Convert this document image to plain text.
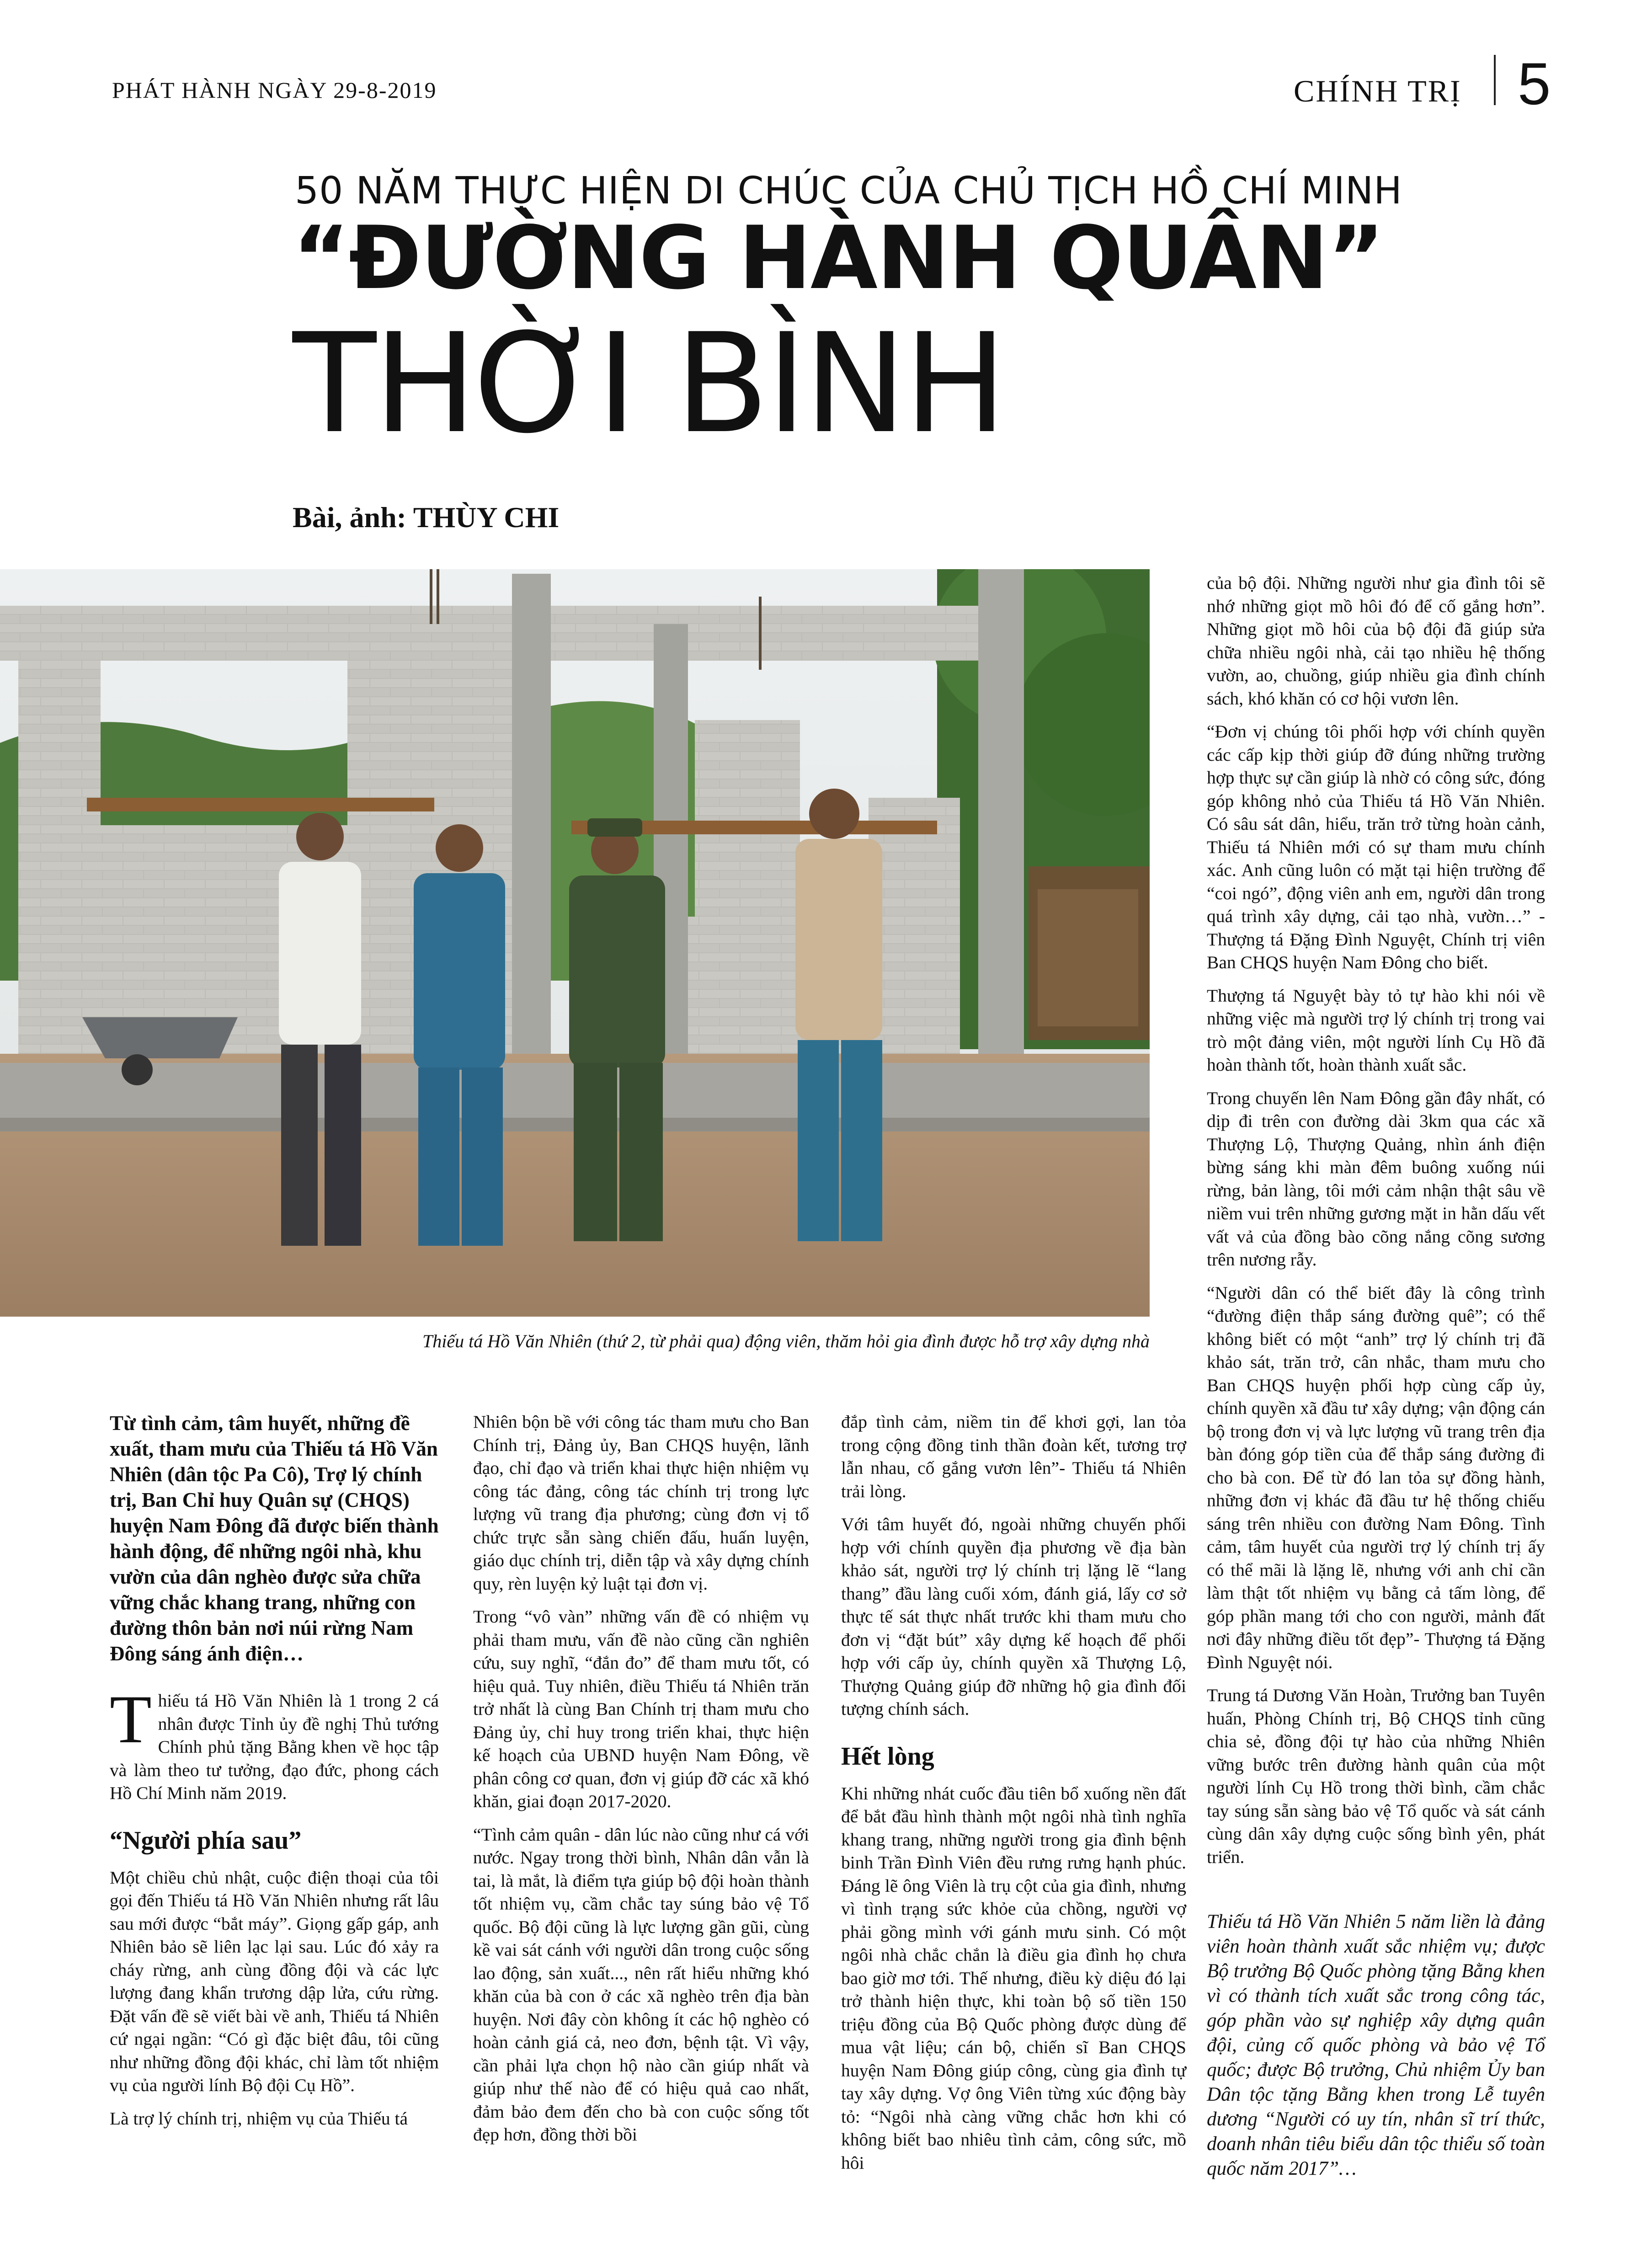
PHÁT HÀNH NGÀY 29-8-2019	CHÍNH TRỊ 5
50 NĂM THỰC HIỆN DI CHÚC CỦA CHỦ TỊCH HỒ CHÍ MINH
“ĐƯỜNG HÀNH QUÂN”
THỜI BÌNH
Bài, ảnh: THÙY CHI
Thiếu tá Hồ Văn Nhiên (thứ 2, từ phải qua) động viên, thăm hỏi gia đình được hỗ trợ xây dựng nhà

Từ tình cảm, tâm huyết, những đề xuất, tham mưu của Thiếu tá Hồ Văn Nhiên (dân tộc Pa Cô), Trợ lý chính trị, Ban Chỉ huy Quân sự (CHQS) huyện Nam Đông đã được biến thành hành động, để những ngôi nhà, khu vườn của dân nghèo được sửa chữa vững chắc khang trang, những con đường thôn bản nơi núi rừng Nam Đông sáng ánh điện…

Thiếu tá Hồ Văn Nhiên là 1 trong 2 cá nhân được Tỉnh ủy đề nghị Thủ tướng Chính phủ tặng Bằng khen về học tập và làm theo tư tưởng, đạo đức, phong cách Hồ Chí Minh năm 2019.

“Người phía sau”

Một chiều chủ nhật, cuộc điện thoại của tôi gọi đến Thiếu tá Hồ Văn Nhiên nhưng rất lâu sau mới được “bắt máy”. Giọng gấp gáp, anh Nhiên bảo sẽ liên lạc lại sau. Lúc đó xảy ra cháy rừng, anh cùng đồng đội và các lực lượng đang khẩn trương dập lửa, cứu rừng. Đặt vấn đề sẽ viết bài về anh, Thiếu tá Nhiên cứ ngại ngần: “Có gì đặc biệt đâu, tôi cũng như những đồng đội khác, chỉ làm tốt nhiệm vụ của người lính Bộ đội Cụ Hồ”.

Là trợ lý chính trị, nhiệm vụ của Thiếu tá

Nhiên bộn bề với công tác tham mưu cho Ban Chính trị, Đảng ủy, Ban CHQS huyện, lãnh đạo, chỉ đạo và triển khai thực hiện nhiệm vụ công tác đảng, công tác chính trị trong lực lượng vũ trang địa phương; cùng đơn vị tổ chức trực sẵn sàng chiến đấu, huấn luyện, giáo dục chính trị, diễn tập và xây dựng chính quy, rèn luyện kỷ luật tại đơn vị.

Trong “vô vàn” những vấn đề có nhiệm vụ phải tham mưu, vấn đề nào cũng cần nghiên cứu, suy nghĩ, “đắn đo” để tham mưu tốt, có hiệu quả. Tuy nhiên, điều Thiếu tá Nhiên trăn trở nhất là cùng Ban Chính trị tham mưu cho Đảng ủy, chỉ huy trong triển khai, thực hiện kế hoạch của UBND huyện Nam Đông, về phân công cơ quan, đơn vị giúp đỡ các xã khó khăn, giai đoạn 2017-2020.

“Tình cảm quân - dân lúc nào cũng như cá với nước. Ngay trong thời bình, Nhân dân vẫn là tai, là mắt, là điểm tựa giúp bộ đội hoàn thành tốt nhiệm vụ, cầm chắc tay súng bảo vệ Tổ quốc. Bộ đội cũng là lực lượng gần gũi, cùng kề vai sát cánh với người dân trong cuộc sống lao động, sản xuất..., nên rất hiểu những khó khăn của bà con ở các xã nghèo trên địa bàn huyện. Nơi đây còn không ít các hộ nghèo có hoàn cảnh giá cả, neo đơn, bệnh tật. Vì vậy, cần phải lựa chọn hộ nào cần giúp nhất và giúp như thế nào để có hiệu quả cao nhất, đảm bảo đem đến cho bà con cuộc sống tốt đẹp hơn, đồng thời bồi

đắp tình cảm, niềm tin để khơi gợi, lan tỏa trong cộng đồng tinh thần đoàn kết, tương trợ lẫn nhau, cố gắng vươn lên”- Thiếu tá Nhiên trải lòng.

Với tâm huyết đó, ngoài những chuyến phối hợp với chính quyền địa phương về địa bàn khảo sát, người trợ lý chính trị lặng lẽ “lang thang” đầu làng cuối xóm, đánh giá, lấy cơ sở thực tế sát thực nhất trước khi tham mưu cho đơn vị “đặt bút” xây dựng kế hoạch để phối hợp với cấp ủy, chính quyền xã Thượng Lộ, Thượng Quảng giúp đỡ những hộ gia đình đối tượng chính sách.

Hết lòng

Khi những nhát cuốc đầu tiên bổ xuống nền đất để bắt đầu hình thành một ngôi nhà tình nghĩa khang trang, những người trong gia đình bệnh binh Trần Đình Viên đều rưng rưng hạnh phúc. Đáng lẽ ông Viên là trụ cột của gia đình, nhưng vì tình trạng sức khỏe của chồng, người vợ phải gồng mình với gánh mưu sinh. Có một ngôi nhà chắc chắn là điều gia đình họ chưa bao giờ mơ tới. Thế nhưng, điều kỳ diệu đó lại trở thành hiện thực, khi toàn bộ số tiền 150 triệu đồng của Bộ Quốc phòng được dùng để mua vật liệu; cán bộ, chiến sĩ Ban CHQS huyện Nam Đông giúp công, cùng gia đình tự tay xây dựng. Vợ ông Viên từng xúc động bày tỏ: “Ngôi nhà càng vững chắc hơn khi có không biết bao nhiêu tình cảm, công sức, mồ hôi

của bộ đội. Những người như gia đình tôi sẽ nhớ những giọt mồ hôi đó để cố gắng hơn”. Những giọt mồ hôi của bộ đội đã giúp sửa chữa nhiều ngôi nhà, cải tạo nhiều hệ thống vườn, ao, chuồng, giúp nhiều gia đình chính sách, khó khăn có cơ hội vươn lên.

“Đơn vị chúng tôi phối hợp với chính quyền các cấp kịp thời giúp đỡ đúng những trường hợp thực sự cần giúp là nhờ có công sức, đóng góp không nhỏ của Thiếu tá Hồ Văn Nhiên. Có sâu sát dân, hiểu, trăn trở từng hoàn cảnh, Thiếu tá Nhiên mới có sự tham mưu chính xác. Anh cũng luôn có mặt tại hiện trường để “coi ngó”, động viên anh em, người dân trong quá trình xây dựng, cải tạo nhà, vườn…” - Thượng tá Đặng Đình Nguyệt, Chính trị viên Ban CHQS huyện Nam Đông cho biết.

Thượng tá Nguyệt bày tỏ tự hào khi nói về những việc mà người trợ lý chính trị trong vai trò một đảng viên, một người lính Cụ Hồ đã hoàn thành tốt, hoàn thành xuất sắc.

Trong chuyến lên Nam Đông gần đây nhất, có dịp đi trên con đường dài 3km qua các xã Thượng Lộ, Thượng Quảng, nhìn ánh điện bừng sáng khi màn đêm buông xuống núi rừng, bản làng, tôi mới cảm nhận thật sâu về niềm vui trên những gương mặt in hằn dấu vết vất vả của đồng bào cõng nắng cõng sương trên nương rẫy.

“Người dân có thể biết đây là công trình “đường điện thắp sáng đường quê”; có thể không biết có một “anh” trợ lý chính trị đã khảo sát, trăn trở, cân nhắc, tham mưu cho Ban CHQS huyện phối hợp cùng cấp ủy, chính quyền xã đầu tư xây dựng; vận động cán bộ trong đơn vị và lực lượng vũ trang trên địa bàn đóng góp tiền của để thắp sáng đường đi cho bà con. Để từ đó lan tỏa sự đồng hành, những đơn vị khác đã đầu tư hệ thống chiếu sáng trên nhiều con đường Nam Đông. Tình cảm, tâm huyết của người trợ lý chính trị ấy có thể mãi là lặng lẽ, nhưng với anh chỉ cần làm thật tốt nhiệm vụ bằng cả tấm lòng, để góp phần mang tới cho con người, mảnh đất nơi đây những điều tốt đẹp”- Thượng tá Đặng Đình Nguyệt nói.

Trung tá Dương Văn Hoàn, Trưởng ban Tuyên huấn, Phòng Chính trị, Bộ CHQS tỉnh cũng chia sẻ, đồng đội tự hào của những Nhiên vững bước trên đường hành quân của một người lính Cụ Hồ trong thời bình, cầm chắc tay súng sẵn sàng bảo vệ Tổ quốc và sát cánh cùng dân xây dựng cuộc sống bình yên, phát triển.

Thiếu tá Hồ Văn Nhiên 5 năm liền là đảng viên hoàn thành xuất sắc nhiệm vụ; được Bộ trưởng Bộ Quốc phòng tặng Bằng khen vì có thành tích xuất sắc trong công tác, góp phần vào sự nghiệp xây dựng quân đội, củng cố quốc phòng và bảo vệ Tổ quốc; được Bộ trưởng, Chủ nhiệm Ủy ban Dân tộc tặng Bằng khen trong Lễ tuyên dương “Người có uy tín, nhân sĩ trí thức, doanh nhân tiêu biểu dân tộc thiểu số toàn quốc năm 2017”…
